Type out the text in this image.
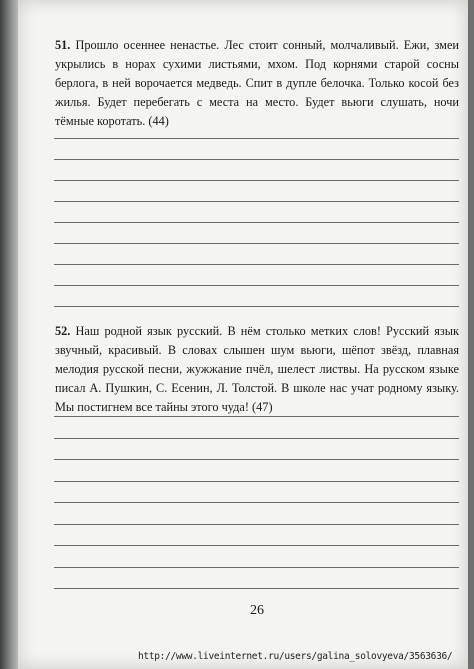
51. Прошло осеннее ненастье. Лес стоит сонный, молчаливый. Ежи, змеи укрылись в норах сухими листьями, мхом. Под корнями старой сосны берлога, в ней ворочается медведь. Спит в дупле белочка. Только косой без жилья. Будет перебегать с места на место. Будет вьюги слушать, ночи тёмные коротать. (44)

52. Наш родной язык русский. В нём столько метких слов! Русский язык звучный, красивый. В словах слышен шум вьюги, шёпот звёзд, плавная мелодия русской песни, жужжание пчёл, шелест листвы. На русском языке писал А. Пушкин, С. Есенин, Л. Толстой. В школе нас учат родному языку. Мы постигнем все тайны этого чуда! (47)

26
http://www.liveinternet.ru/users/galina_solovyeva/3563636/
